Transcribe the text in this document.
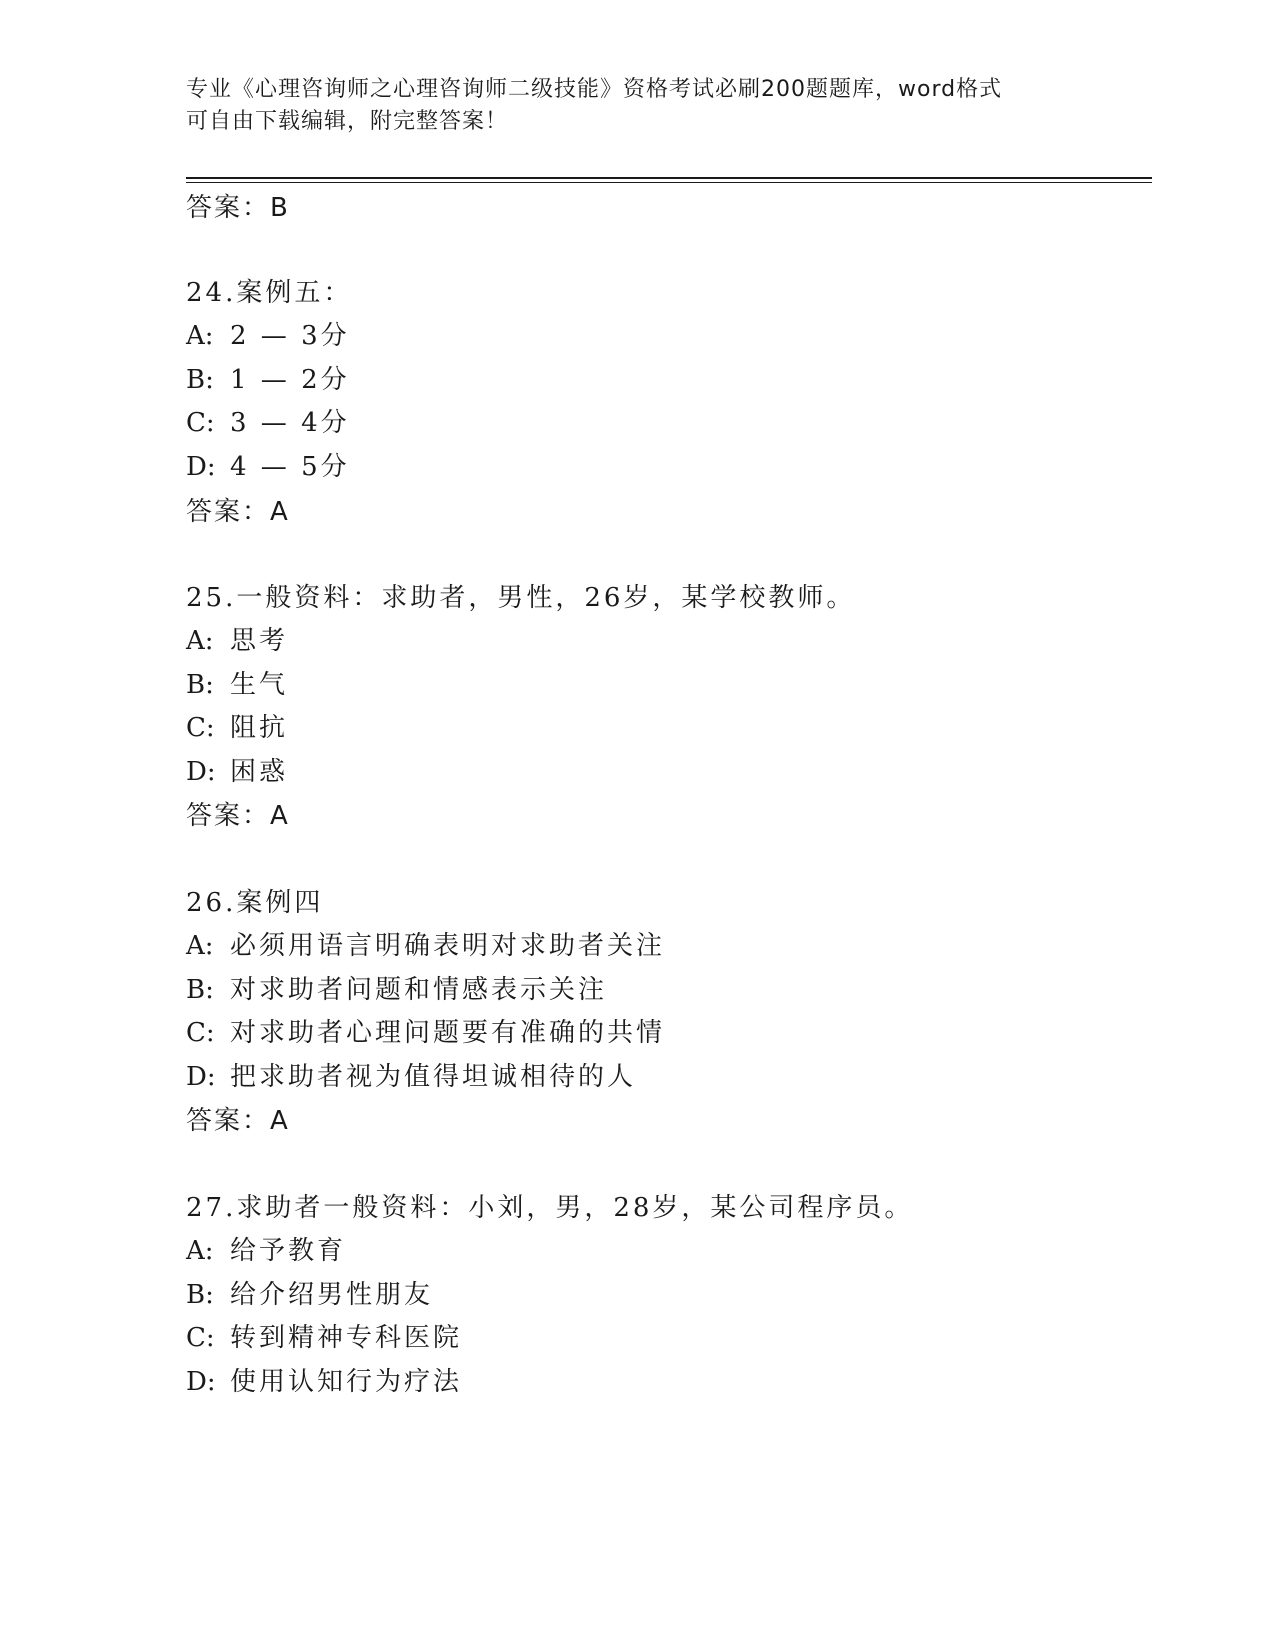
专业《心理咨询师之心理咨询师二级技能》资格考试必刷200题题库，word格式
可自由下载编辑，附完整答案！
答案：B
24.案例五：
A: 2 — 3分
B: 1 — 2分
C: 3 — 4分
D: 4 — 5分
答案：A
25.一般资料：求助者，男性，26岁，某学校教师。
A: 思考
B: 生气
C: 阻抗
D: 困惑
答案：A
26.案例四
A: 必须用语言明确表明对求助者关注
B: 对求助者问题和情感表示关注
C: 对求助者心理问题要有准确的共情
D: 把求助者视为值得坦诚相待的人
答案：A
27.求助者一般资料：小刘，男，28岁，某公司程序员。
A: 给予教育
B: 给介绍男性朋友
C: 转到精神专科医院
D: 使用认知行为疗法
